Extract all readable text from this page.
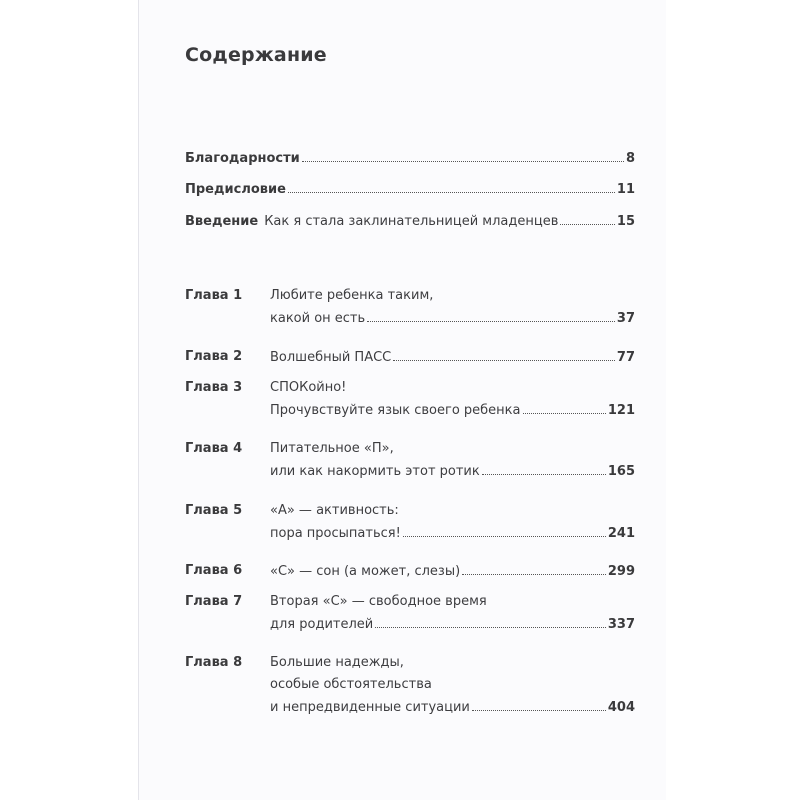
Содержание
Благодарности	8
Предисловие	11
Введение Как я стала заклинательницей младенцев	15
Глава 1 Любите ребенка таким,
какой он есть	37
Глава 2 Волшебный ПАСС	77
Глава 3 СПОКойно!
Прочувствуйте язык своего ребенка	121
Глава 4 Питательное «П»,
или как накормить этот ротик	165
Глава 5 «А» — активность:
пора просыпаться!	241
Глава 6 «С» — сон (а может, слезы)	299
Глава 7 Вторая «С» — свободное время
для родителей	337
Глава 8 Большие надежды,
особые обстоятельства
и непредвиденные ситуации	404
